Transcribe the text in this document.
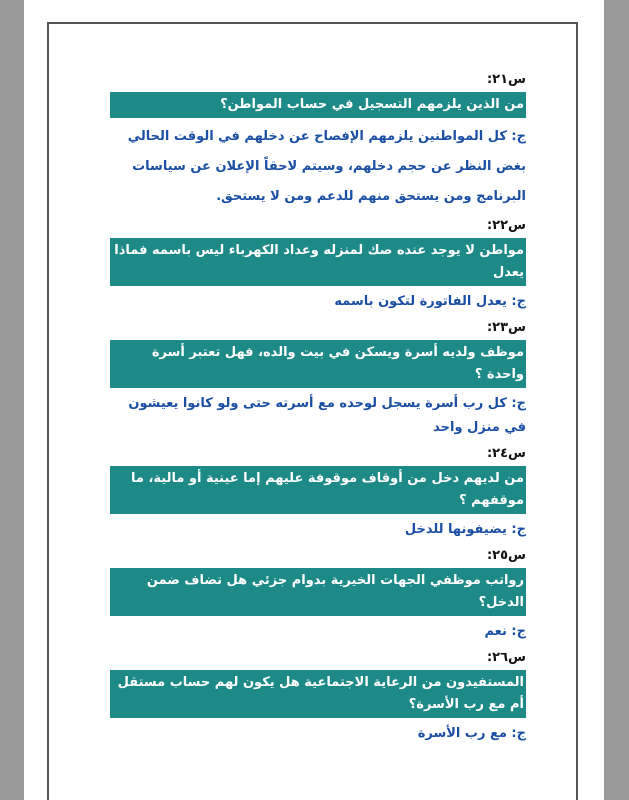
س٢١:
من الذين يلزمهم التسجيل في حساب المواطن؟
ج: كل المواطنين يلزمهم الإفصاح عن دخلهم في الوقت الحالي بغض النظر عن حجم دخلهم، وسيتم لاحقاً الإعلان عن سياسات البرنامج ومن يستحق منهم للدعم ومن لا يستحق.
س٢٢:
مواطن لا يوجد عنده صك لمنزله وعداد الكهرباء ليس باسمه فماذا يعدل
ج: يعدل الفاتورة لتكون باسمه
س٢٣:
موظف ولديه أسرة ويسكن في بيت والده، فهل تعتبر أسرة واحدة ؟
ج: كل رب أسرة يسجل لوحده مع أسرته حتى ولو كانوا يعيشون في منزل واحد
س٢٤:
من لديهم دخل من أوقاف موقوفة عليهم إما عينية أو مالية، ما موقفهم ؟
ج: يضيفونها للدخل
س٢٥:
رواتب موظفي الجهات الخيرية بدوام جزئي هل تضاف ضمن الدخل؟
ج: نعم
س٢٦:
المستفيدون من الرعاية الاجتماعية هل يكون لهم حساب مستقل أم مع رب الأسرة؟
ج: مع رب الأسرة
